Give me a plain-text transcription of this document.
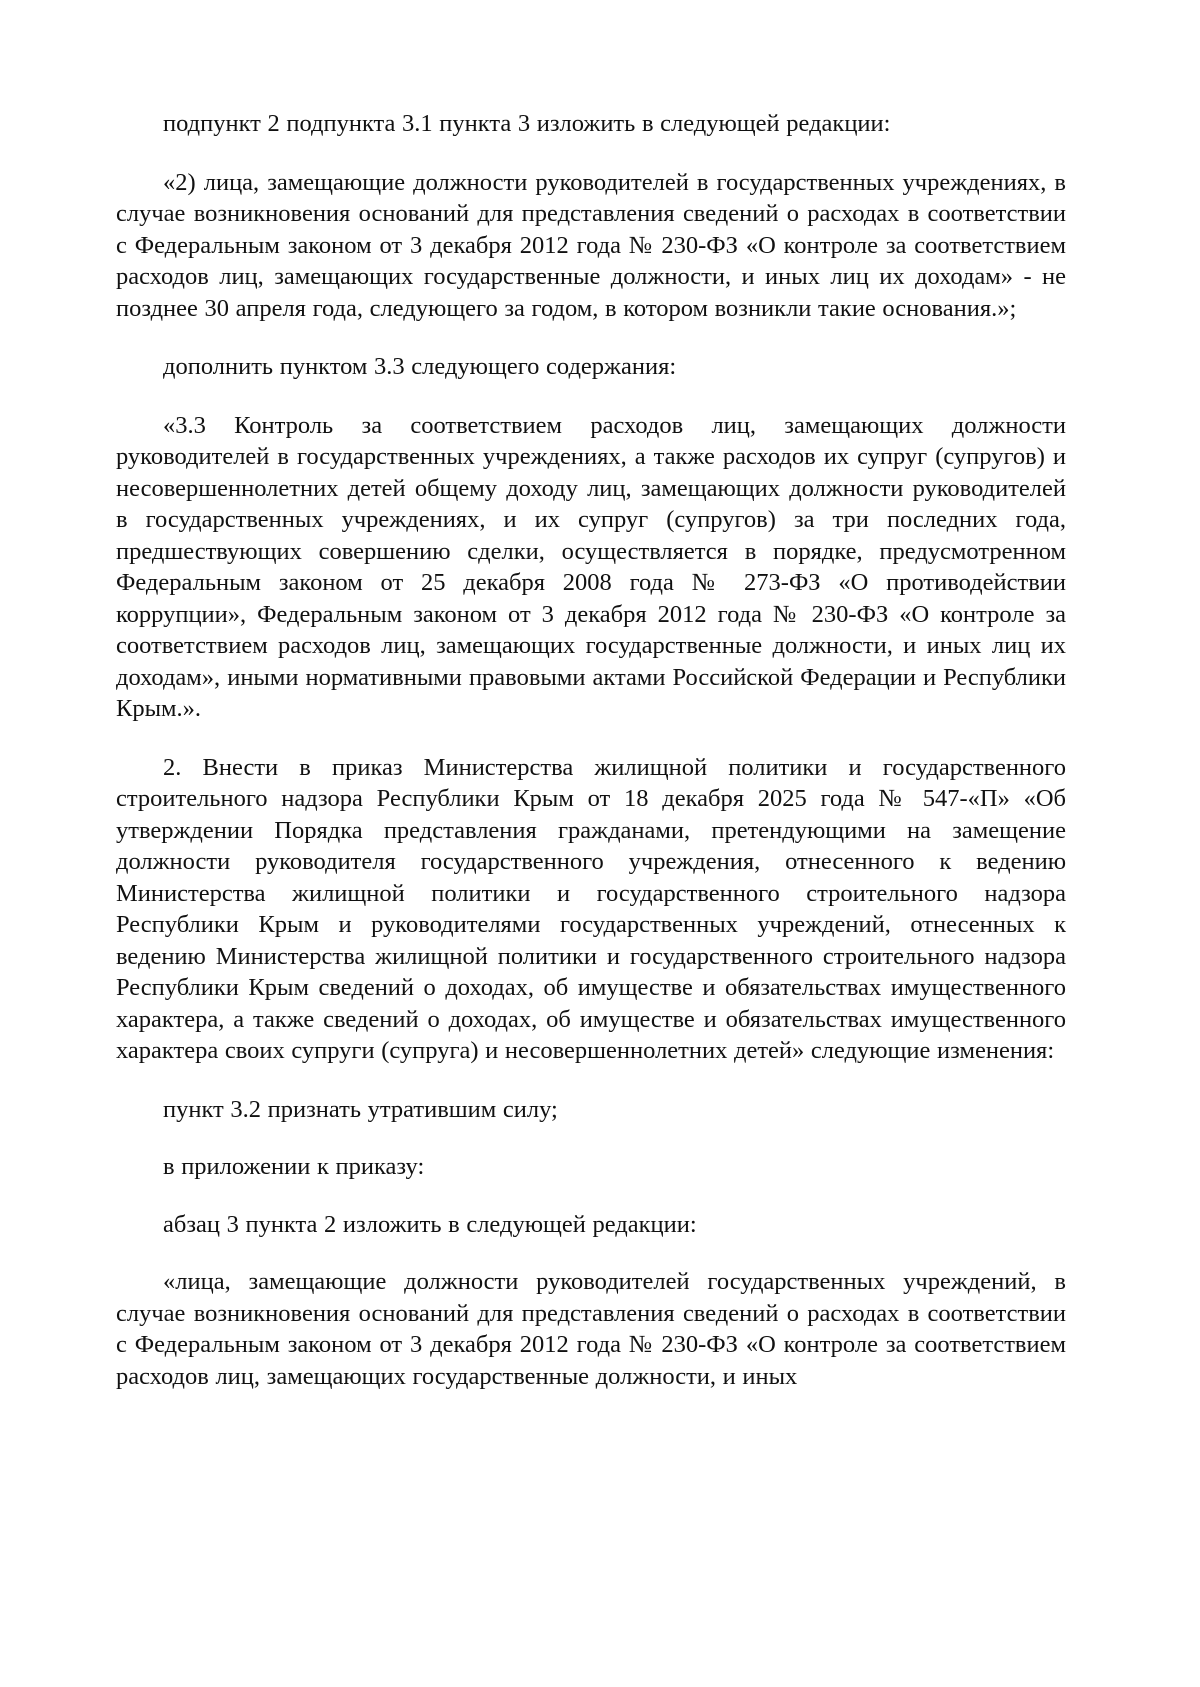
подпункт 2 подпункта 3.1 пункта 3 изложить в следующей редакции:

«2) лица, замещающие должности руководителей в государственных учреждениях, в случае возникновения оснований для представления сведений о расходах в соответствии с Федеральным законом от 3 декабря 2012 года № 230-ФЗ «О контроле за соответствием расходов лиц, замещающих государственные должности, и иных лиц их доходам» - не позднее 30 апреля года, следующего за годом, в котором возникли такие основания.»;

дополнить пунктом 3.3 следующего содержания:

«3.3 Контроль за соответствием расходов лиц, замещающих должности руководителей в государственных учреждениях, а также расходов их супруг (супругов) и несовершеннолетних детей общему доходу лиц, замещающих должности руководителей в государственных учреждениях, и их супруг (супругов) за три последних года, предшествующих совершению сделки, осуществляется в порядке, предусмотренном Федеральным законом от 25 декабря 2008 года № 273-ФЗ «О противодействии коррупции», Федеральным законом от 3 декабря 2012 года № 230-ФЗ «О контроле за соответствием расходов лиц, замещающих государственные должности, и иных лиц их доходам», иными нормативными правовыми актами Российской Федерации и Республики Крым.».

2. Внести в приказ Министерства жилищной политики и государственного строительного надзора Республики Крым от 18 декабря 2025 года № 547-«П» «Об утверждении Порядка представления гражданами, претендующими на замещение должности руководителя государственного учреждения, отнесенного к ведению Министерства жилищной политики и государственного строительного надзора Республики Крым и руководителями государственных учреждений, отнесенных к ведению Министерства жилищной политики и государственного строительного надзора Республики Крым сведений о доходах, об имуществе и обязательствах имущественного характера, а также сведений о доходах, об имуществе и обязательствах имущественного характера своих супруги (супруга) и несовершеннолетних детей» следующие изменения:

пункт 3.2 признать утратившим силу;

в приложении к приказу:

абзац 3 пункта 2 изложить в следующей редакции:

«лица, замещающие должности руководителей государственных учреждений, в случае возникновения оснований для представления сведений о расходах в соответствии с Федеральным законом от 3 декабря 2012 года № 230-ФЗ «О контроле за соответствием расходов лиц, замещающих государственные должности, и иных
